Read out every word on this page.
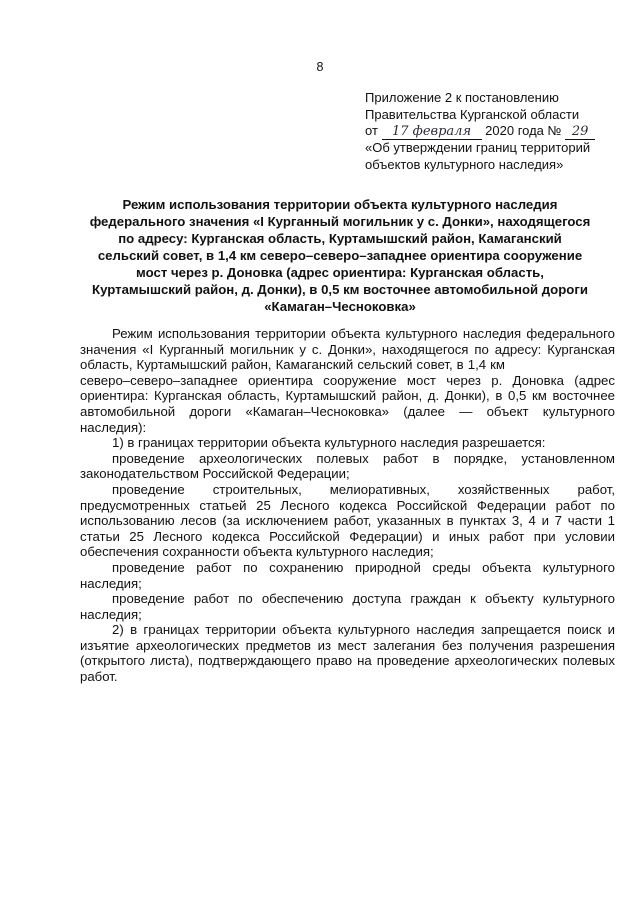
8
Приложение 2 к постановлению
Правительства Курганской области
от 17 февраля 2020 года № 29
«Об утверждении границ территорий
объектов культурного наследия»
Режим использования территории объекта культурного наследия
федерального значения «I Курганный могильник у с. Донки», находящегося
по адресу: Курганская область, Куртамышский район, Камаганский
сельский совет, в 1,4 км северо–северо–западнее ориентира сооружение
мост через р. Доновка (адрес ориентира: Курганская область,
Куртамышский район, д. Донки), в 0,5 км восточнее автомобильной дороги
«Камаган–Чесноковка»

Режим использования территории объекта культурного наследия федерального значения «I Курганный могильник у с. Донки», находящегося по адресу: Курганская область, Куртамышский район, Камаганский сельский совет, в 1,4 кмсеверо–северо–западнее ориентира сооружение мост через р. Доновка (адрес ориентира: Курганская область, Куртамышский район, д. Донки), в 0,5 км восточнее автомобильной дороги «Камаган–Чесноковка» (далее — объект культурного наследия):

1) в границах территории объекта культурного наследия разрешается:

проведение археологических полевых работ в порядке, установленном законодательством Российской Федерации;

проведение строительных, мелиоративных, хозяйственных работ, предусмотренных статьей 25 Лесного кодекса Российской Федерации работ по использованию лесов (за исключением работ, указанных в пунктах 3, 4 и 7 части 1 статьи 25 Лесного кодекса Российской Федерации) и иных работ при условии обеспечения сохранности объекта культурного наследия;

проведение работ по сохранению природной среды объекта культурного наследия;

проведение работ по обеспечению доступа граждан к объекту культурного наследия;

2) в границах территории объекта культурного наследия запрещается поиск и изъятие археологических предметов из мест залегания без получения разрешения (открытого листа), подтверждающего право на проведение археологических полевых работ.
